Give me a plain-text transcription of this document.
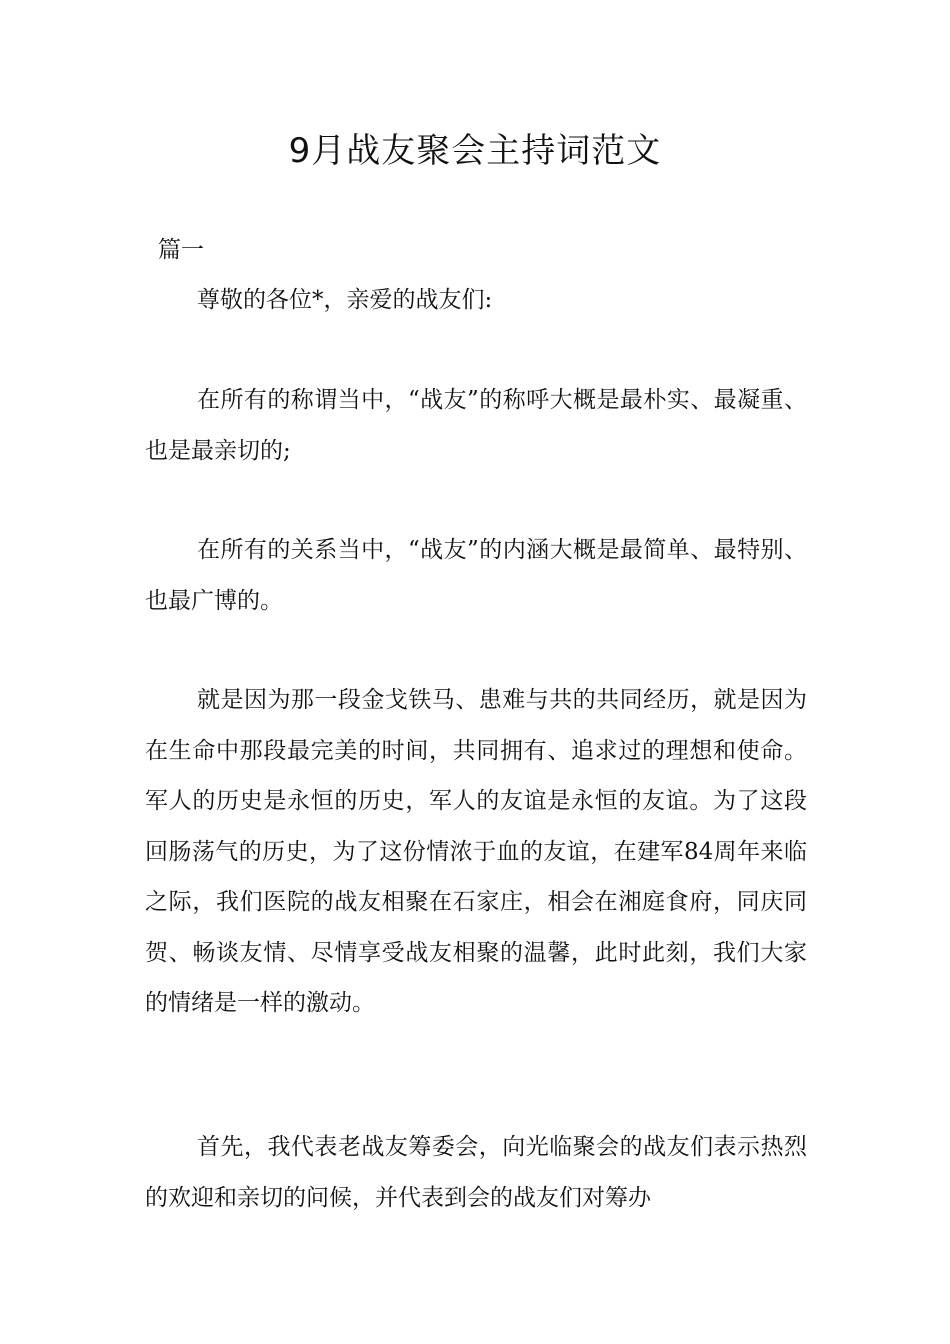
9月战友聚会主持词范文

篇一

尊敬的各位*，亲爱的战友们:

在所有的称谓当中，“战友”的称呼大概是最朴实、最凝重、也是最亲切的;

在所有的关系当中，“战友”的内涵大概是最简单、最特别、也最广博的。

就是因为那一段金戈铁马、患难与共的共同经历，就是因为在生命中那段最完美的时间，共同拥有、追求过的理想和使命。军人的历史是永恒的历史，军人的友谊是永恒的友谊。为了这段回肠荡气的历史，为了这份情浓于血的友谊，在建军84周年来临之际，我们医院的战友相聚在石家庄，相会在湘庭食府，同庆同贺、畅谈友情、尽情享受战友相聚的温馨，此时此刻，我们大家的情绪是一样的激动。

首先，我代表老战友筹委会，向光临聚会的战友们表示热烈的欢迎和亲切的问候，并代表到会的战友们对筹办
